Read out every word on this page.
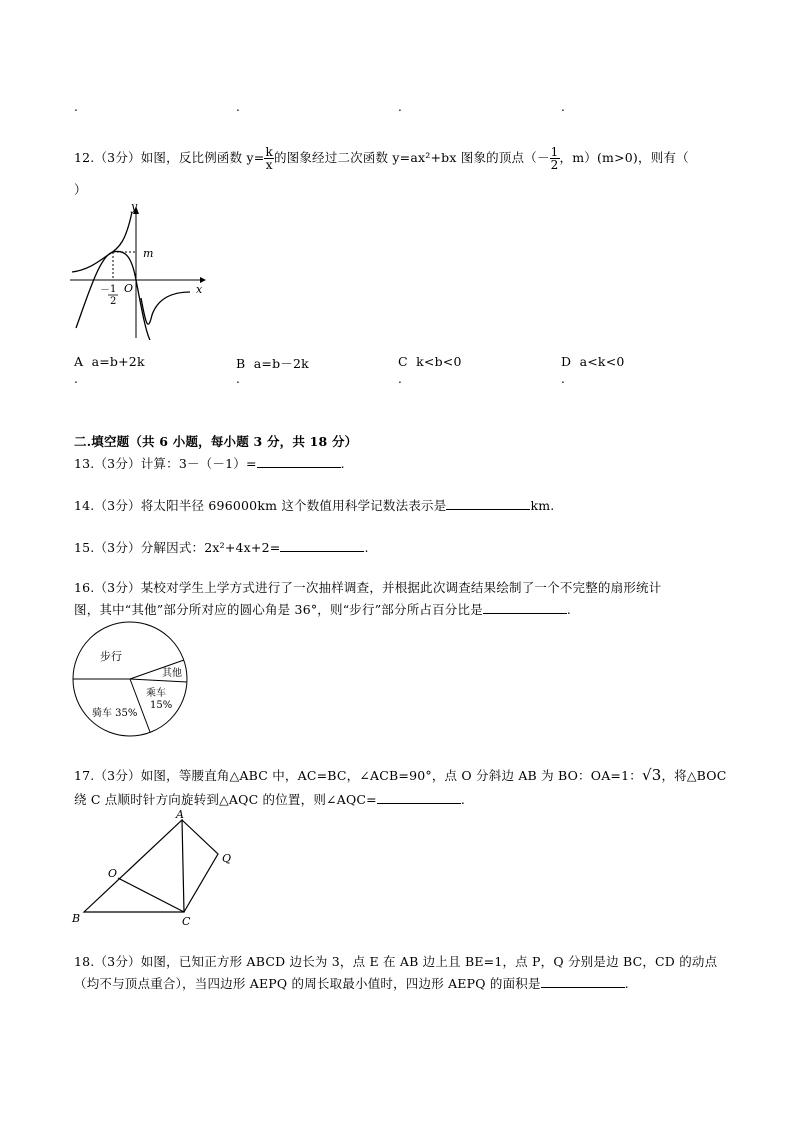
.	.	.	.
12.（3分）如图，反比例函数 $y= \frac{k}{x}$ 的图象经过二次函数 y=ax²+bx 图象的顶点（－ $\frac{1}{2}$ ，m）(m>0)，则有（
）
y
x
m
O
－ 1
2
A a=b+2k	B a=b－2k	C k<b<0	D a<k<0
.	.	.	.
二.填空题（共 6 小题，每小题 3 分，共 18 分）
13.（3分）计算：3－（－1）=	.
14.（3分）将太阳半径 696000km 这个数值用科学记数法表示是	km.
15.（3分）分解因式：2x²+4x+2=	.
16.（3分）某校对学生上学方式进行了一次抽样调查，并根据此次调查结果绘制了一个不完整的扇形统计
图，其中“其他”部分所对应的圆心角是 36°，则“步行”部分所占百分比是	.
步行
其他
乘车
15%
骑车 35%
17.（3分）如图，等腰直角△ABC 中，AC=BC，∠ACB=90°，点 O 分斜边 AB 为 BO：OA=1：√3，将△BOC
绕 C 点顺时针方向旋转到△AQC 的位置，则∠AQC=	.
A
B	C
O
Q
18.（3分）如图，已知正方形 ABCD 边长为 3，点 E 在 AB 边上且 BE=1，点 P，Q 分别是边 BC，CD 的动点
（均不与顶点重合），当四边形 AEPQ 的周长取最小值时，四边形 AEPQ 的面积是	.
